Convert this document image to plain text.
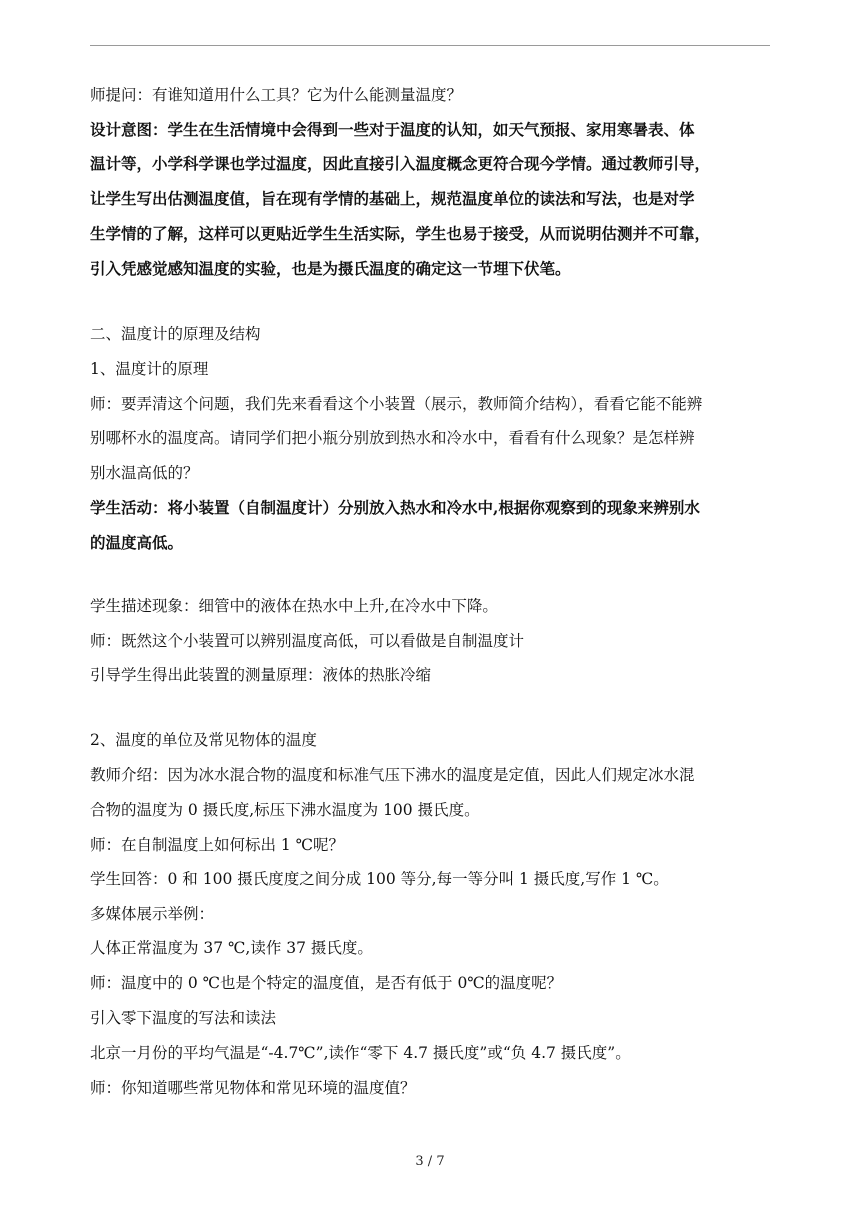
师提问：有谁知道用什么工具？它为什么能测量温度？
设计意图：学生在生活情境中会得到一些对于温度的认知，如天气预报、家用寒暑表、体
温计等，小学科学课也学过温度，因此直接引入温度概念更符合现今学情。通过教师引导，
让学生写出估测温度值，旨在现有学情的基础上，规范温度单位的读法和写法，也是对学
生学情的了解，这样可以更贴近学生生活实际，学生也易于接受，从而说明估测并不可靠，
引入凭感觉感知温度的实验，也是为摄氏温度的确定这一节埋下伏笔。
二、温度计的原理及结构
1、温度计的原理
师：要弄清这个问题，我们先来看看这个小装置（展示，教师简介结构），看看它能不能辨
别哪杯水的温度高。请同学们把小瓶分别放到热水和冷水中，看看有什么现象？是怎样辨
别水温高低的？
学生活动：将小装置（自制温度计）分别放入热水和冷水中,根据你观察到的现象来辨别水
的温度高低。
学生描述现象：细管中的液体在热水中上升,在冷水中下降。
师：既然这个小装置可以辨别温度高低，可以看做是自制温度计
引导学生得出此装置的测量原理：液体的热胀冷缩
2、温度的单位及常见物体的温度
教师介绍：因为冰水混合物的温度和标准气压下沸水的温度是定值，因此人们规定冰水混
合物的温度为 0 摄氏度,标压下沸水温度为 100 摄氏度。
师：在自制温度上如何标出 1 ℃呢？
学生回答：0 和 100 摄氏度度之间分成 100 等分,每一等分叫 1 摄氏度,写作 1 ℃。
多媒体展示举例：
人体正常温度为 37 ℃,读作 37 摄氏度。
师：温度中的 0 ℃也是个特定的温度值，是否有低于 0℃的温度呢？
引入零下温度的写法和读法
北京一月份的平均气温是“-4.7℃”,读作“零下 4.7 摄氏度”或“负 4.7 摄氏度”。
师：你知道哪些常见物体和常见环境的温度值？
3 / 7
